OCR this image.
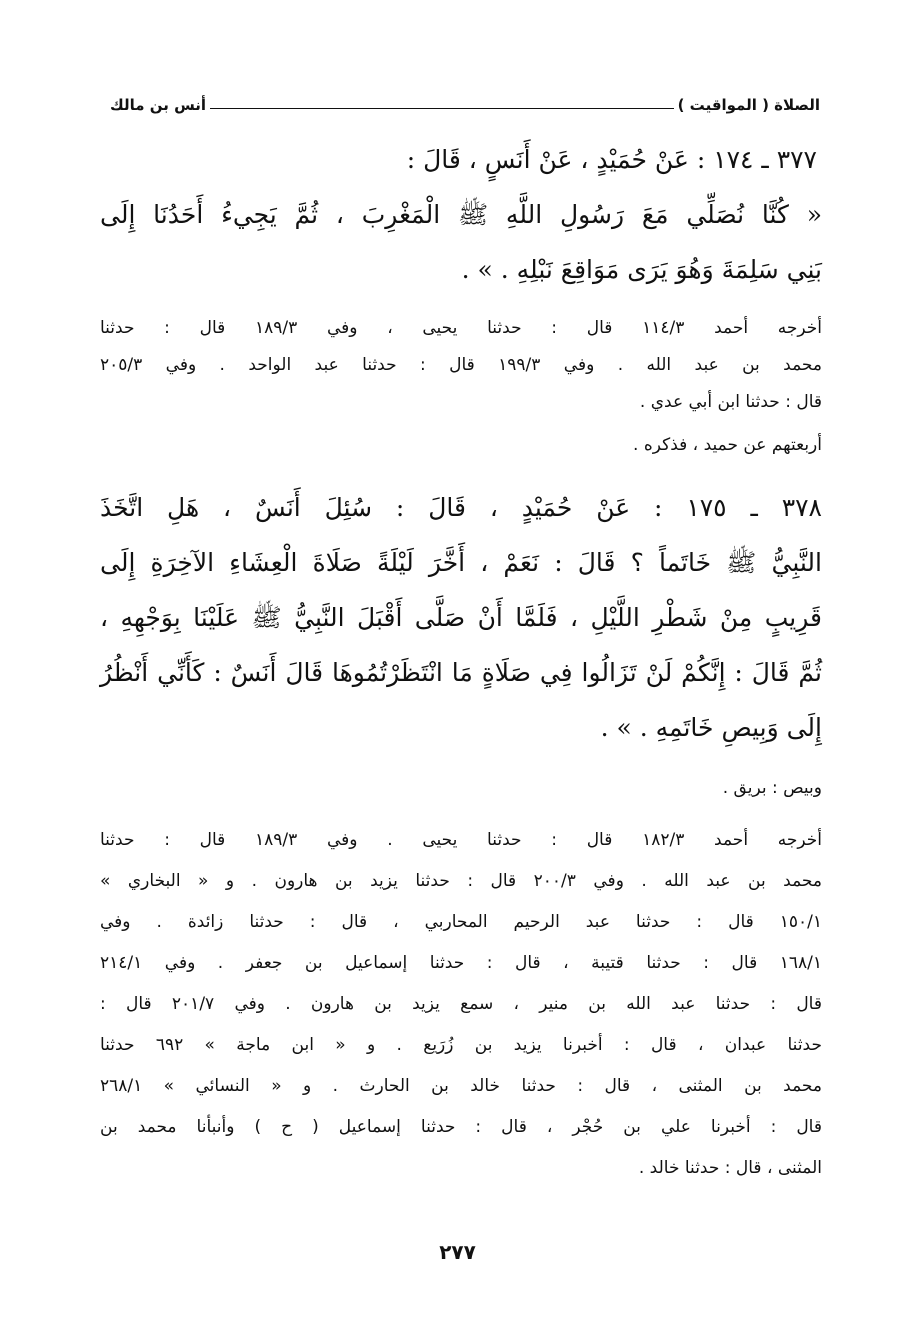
الصلاة ( المواقيت )
أنس بن مالك
٣٧٧ ـ ١٧٤ : عَنْ حُمَيْدٍ ، عَنْ أَنَسٍ ، قَالَ :
« كُنَّا نُصَلِّي مَعَ رَسُولِ اللَّهِ ﷺ الْمَغْرِبَ ، ثُمَّ يَجِيءُ أَحَدُنَا إِلَى
بَنِي سَلِمَةَ وَهُوَ يَرَى مَوَاقِعَ نَبْلِهِ . » .
أخرجه أحمد ١١٤/٣ قال : حدثنا يحيى ، وفي ١٨٩/٣ قال : حدثنا
محمد بن عبد الله . وفي ١٩٩/٣ قال : حدثنا عبد الواحد . وفي ٢٠٥/٣
قال : حدثنا ابن أبي عدي .
أربعتهم عن حميد ، فذكره .
٣٧٨ ـ ١٧٥ : عَنْ حُمَيْدٍ ، قَالَ : سُئِلَ أَنَسٌ ، هَلِ اتَّخَذَ
النَّبِيُّ ﷺ خَاتَماً ؟ قَالَ : نَعَمْ ، أَخَّرَ لَيْلَةً صَلَاةَ الْعِشَاءِ الآخِرَةِ إِلَى
قَرِيبٍ مِنْ شَطْرِ اللَّيْلِ ، فَلَمَّا أَنْ صَلَّى أَقْبَلَ النَّبِيُّ ﷺ عَلَيْنَا بِوَجْهِهِ ،
ثُمَّ قَالَ : إِنَّكُمْ لَنْ تَزَالُوا فِي صَلَاةٍ مَا انْتَظَرْتُمُوهَا قَالَ أَنَسٌ : كَأَنِّي أَنْظُرُ
إِلَى وَبِيصِ خَاتَمِهِ . » .
وبيص : بريق .
أخرجه أحمد ١٨٢/٣ قال : حدثنا يحيى . وفي ١٨٩/٣ قال : حدثنا
محمد بن عبد الله . وفي ٢٠٠/٣ قال : حدثنا يزيد بن هارون . و « البخاري »
١٥٠/١ قال : حدثنا عبد الرحيم المحاربي ، قال : حدثنا زائدة . وفي
١٦٨/١ قال : حدثنا قتيبة ، قال : حدثنا إسماعيل بن جعفر . وفي ٢١٤/١
قال : حدثنا عبد الله بن منير ، سمع يزيد بن هارون . وفي ٢٠١/٧ قال :
حدثنا عبدان ، قال : أخبرنا يزيد بن زُرَيع . و « ابن ماجة » ٦٩٢ حدثنا
محمد بن المثنى ، قال : حدثنا خالد بن الحارث . و « النسائي » ٢٦٨/١
قال : أخبرنا علي بن حُجْر ، قال : حدثنا إسماعيل ( ح ) وأنبأنا محمد بن
المثنى ، قال : حدثنا خالد .
٢٧٧
